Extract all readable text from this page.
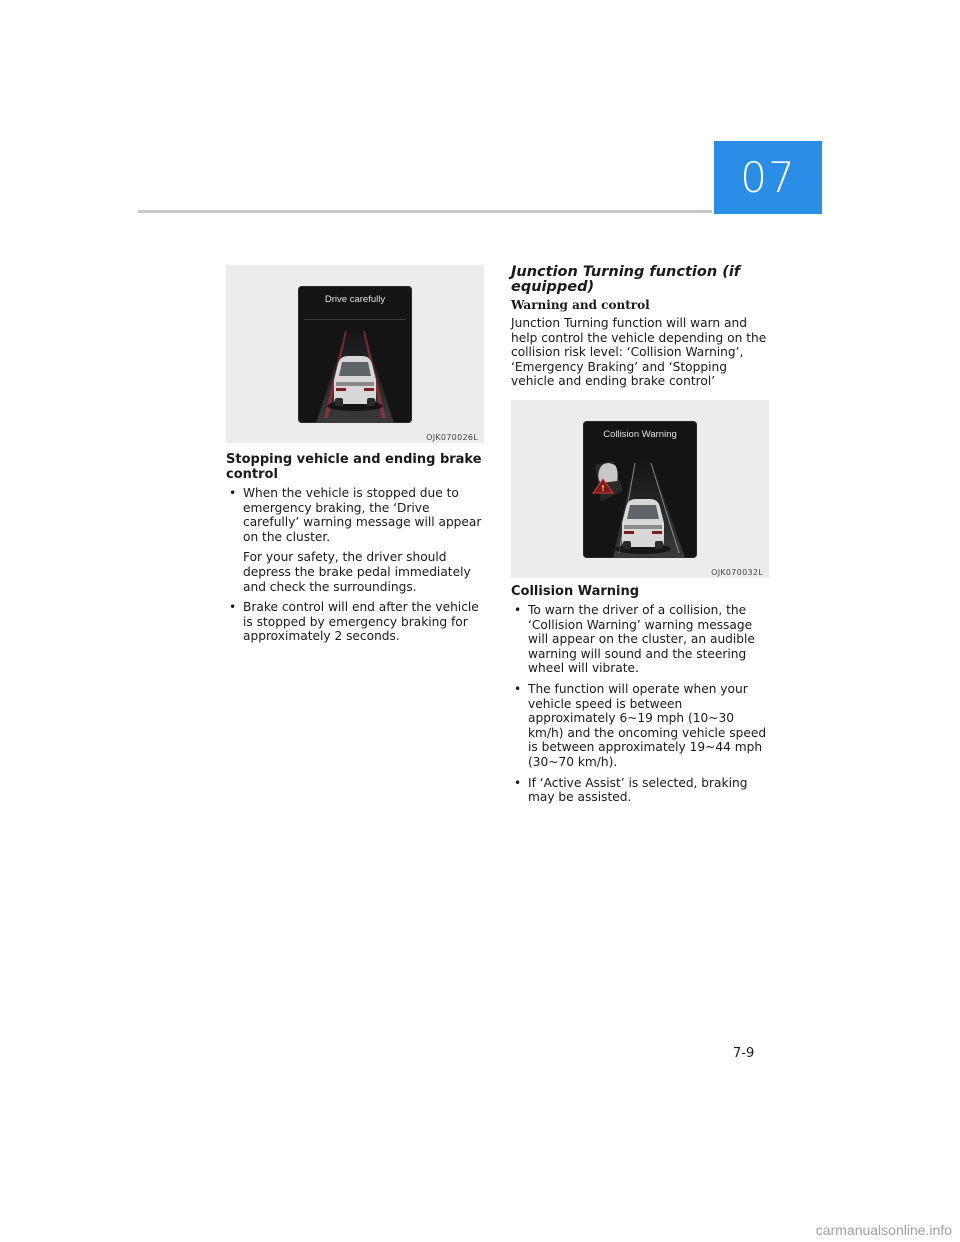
07
Drive carefully
OJK070026L
Stopping vehicle and ending brake control
• When the vehicle is stopped due to emergency braking, the ‘Drive carefully’ warning message will appear on the cluster.
For your safety, the driver should depress the brake pedal immediately and check the surroundings.
• Brake control will end after the vehicle is stopped by emergency braking for approximately 2 seconds.
Junction Turning function (if equipped)
Warning and control

Junction Turning function will warn and help control the vehicle depending on the collision risk level: ‘Collision Warning’, ‘Emergency Braking’ and ‘Stopping vehicle and ending brake control’

Collision Warning
!
OJK070032L
Collision Warning
• To warn the driver of a collision, the ‘Collision Warning’ warning message will appear on the cluster, an audible warning will sound and the steering wheel will vibrate.
• The function will operate when your vehicle speed is between approximately 6~19 mph (10~30 km/h) and the oncoming vehicle speed is between approximately 19~44 mph (30~70 km/h).
• If ‘Active Assist’ is selected, braking may be assisted.
7-9
carmanualsonline.info
